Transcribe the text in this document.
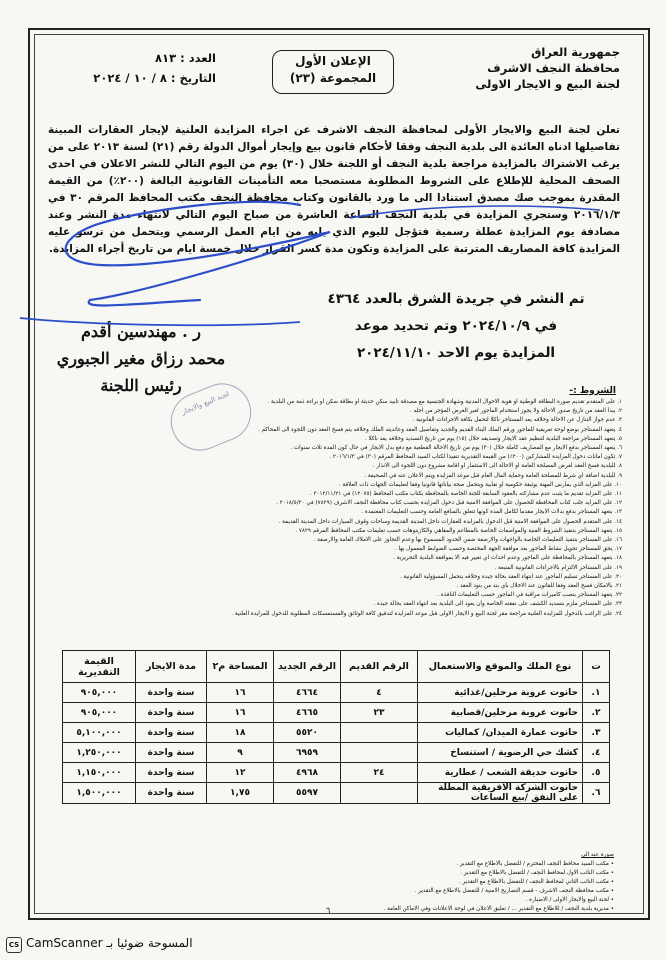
جمهورية العراق
محافظة النجف الاشرف
لجنة البيع و الايجار الاولى
الإعلان الأول
المجموعة (٢٣)
العدد : ٨١٣
التاريخ : ٨ / ١٠ / ٢٠٢٤
تعلن لجنة البيع والايجار الأولى لمحافظة النجف الاشرف عن اجراء المزايدة العلنية لإيجار العقارات المبينة تفاصيلها ادناه العائدة الى بلدية النجف وفقا لأحكام قانون بيع وإيجار أموال الدولة رقم (٢١) لسنة ٢٠١٣ على من يرغب الاشتراك بالمزايدة مراجعة بلدية النجف أو اللجنة خلال (٣٠) يوم من اليوم التالي للنشر الاعلان في احدى الصحف المحلية للإطلاع على الشروط المطلوبة مستصحبا معه التأمينات القانونية البالغة (٢٠٠٪) من القيمة المقدرة بموجب صك مصدق استنادا الى ما ورد بالقانون وكتاب محافظة النجف مكتب المحافظ المرقم ٣٠ في ٢٠١٦/١/٣ وستجري المزايدة في بلدية النجف الساعة العاشرة من صباح اليوم التالي لانتهاء مدة النشر وعند مصادفة يوم المزايدة عطلة رسمية فتؤجل لليوم الذي يليه من ايام العمل الرسمي ويتحمل من ترسو عليه المزايدة كافة المصاريف المترتبة على المزايدة وتكون مدة كسر القرار خلال خمسة ايام من تاريخ أجراء المزايدة.
تم النشر في جريدة الشرق بالعدد ٤٣٦٤
في ٢٠٢٤/١٠/٩ وتم تحديد موعد
المزايدة يوم الاحد ٢٠٢٤/١١/١٠
ر . مهندسين أقدم
محمد رزاق مغير الجبوري
رئيس اللجنة	الشروط :-
١. على المتقدم تقديم صورة البطاقة الوطنية او هوية الاحوال المدنية وشهادة الجنسية مع مصدقة تأييد سكن حديثة او بطاقة سكن او براءة ذمة من البلدية .
٢. يبدأ العقد من تاريخ صدور الاحالة ولا يجوز استخدام المأجور لغير الغرض المؤجر من اجله .
٣. عدم جواز التنازل عن الاحالة وخلافه يعد المستأجر ناكلا لتحمل بكافة الاجراءات القانونية .
٤. يتعهد المستأجر بوضع لوحة تعريفية للمأجور ورقم الملك البناء القديم والجديد وتفاصيل العقد وعائديته الملك وخلافه يتم فسخ العقد دون اللجوء الى المحاكم .
٥. يتعهد المستأجر مراجعة البلدية لتنظيم عقد الايجار وتصديقه خلال (١٥) يوم من تاريخ التسديد وخلافه يعد ناكلا .
٦. يتعهد المستأجر بدفع الايجار مع المصاريف كاملة خلال (٣٠) يوم من تاريخ الاحالة القطعية مع دفع بدل الايجار في حال كون المدة ثلاث سنوات .
٧. تكون امانات دخول المزايدة للمشاركين (٢٠٠٪) من القيمة التقديرية تنفيذا لكتاب السيد المحافظ المرقم (٣٠) في ٢٠١٦/١/٣ .
٨. للبلدية فسخ العقد لغرض المصلحة العامة او الاحالة الى الاستثمار او اقامة مشروع دون اللجوء الى الانذار .
٩. للبلدية اضافة اي شرط للمصلحة العامة وحماية المال العام قبل موعد المزايدة ويتم الاعلان عنه في الصحيفة .
١٠. على المزايد الذي يمارس المهنة بوثيقة حكومية او نقابية ويتحمل صحة بياناتها قانونيا وفقا لتعليمات الجهات ذات العلاقة .
١١. على المزايد تقديم ما يثبت عدم مشاركته بالعقود السابقة للجنة الخاصة بالمحافظة بكتاب مكتب المحافظ (١٢٠٧٥) في ٢٠١٢/١١/٢١ .
١٢. على المزايد جلب كتاب المحافظة للحصول على الموافقة الامنية قبل دخول المزايدة بحسب كتاب محافظة النجف الاشرف (٧٨٢٩) في ٢٠١٨/٥/٢٠ .
١٣. يتعهد المستأجر بدفع بدلات الايجار مقدما لكامل المدة كونها تتعلق بالمنافع العامة وحسب التعليمات المعتمدة .
١٤. على المتقدم الحصول على الموافقة الامنية قبل الدخول بالمزايدة للعقارات داخل المدينة القديمة وساحات وقوف السيارات داخل المدينة القديمة .
١٥. يتعهد المستأجر بتنفيذ الشروط الفنية والمواصفات الخاصة بالمطاعم والمقاهي والكازينوهات حسب تعليمات مكتب المحافظ المرقم ٧٨٢٩ .
١٦. على المستأجر بتنفيذ التعليمات الخاصة بالواجهات والارصفة ضمن الحدود المسموح بها وعدم التجاوز على الاملاك العامة والارصفة .
١٧. يحق للمستأجر تحويل نشاط المأجور بعد موافقة الجهة المختصة وحسب الضوابط المعمول بها .
١٨. يتعهد المستأجر بالمحافظة على المأجور وعدم احداث اي تغيير فيه الا بموافقة البلدية التحريرية .
١٩. على المستأجر الالتزام بالاجراءات القانونية المتبعة .
٢٠. على المستأجر تسليم المأجور عند انتهاء العقد بحالة جيدة وخلافه يتحمل المسؤولية القانونية .
٢١. بالامكان فسخ العقد وفقا للقانون عند الاخلال بأي بند من بنود العقد .
٢٢. يتعهد المستأجر بنصب كاميرات مراقبة في المأجور حسب التعليمات النافذة .
٢٣. على المستأجر ملزم بتسديد الكشف على نفقته الخاصة وأن يعود الى البلدية بعد انتهاء العقد بحالة جيدة .
٢٤. على الراغب بالدخول للمزايدة العلنية مراجعة مقر لجنة البيع و الايجار الاولى قبل موعد المزايدة لتدقيق كافة الوثائق والمستمسكات المطلوبة للدخول للمزايدة العلنية .
لجنة البيع والايجار
ت	نوع الملك والموقع والاستعمال	الرقم القديم	الرقم الجديد	المساحة م٢	مدة الايجار	القيمة التقديرية
١.	حانوت عروبة مرحلين/غذائية	٤	٤٦٦٤	١٦	سنة واحدة	٩٠٥,٠٠٠
٢.	حانوت عروبة مرحلين/قصابية	٢٣	٤٦٦٥	١٦	سنة واحدة	٩٠٥,٠٠٠
٣.	حانوت عمارة الميدان/ كماليات		٥٥٢٠	١٨	سنة واحدة	٥,١٠٠,٠٠٠
٤.	كشك حي الرضوية / استنساخ		٦٩٥٩	٩	سنة واحدة	١,٢٥٠,٠٠٠
٥.	حانوت حديقة الشعب / عطارية	٢٤	٤٩٦٨	١٢	سنة واحدة	١,١٥٠,٠٠٠
٦.	حانوت الشركة الافريقية المطلة على النفق /بيع الساعات		٥٥٩٧	١,٧٥	سنة واحدة	١,٥٠٠,٠٠٠
صورة عنه الى
• مكتب السيد محافظ النجف المحترم / للتفضل بالاطلاع مع التقدير .
• مكتب النائب الاول لمحافظ النجف / للتفضل بالاطلاع مع التقدير .
• مكتب النائب الثاني لمحافظ النجف / للتفضل بالاطلاع مع التقدير .
• مكتب محافظة النجف الاشرف - قسم التصاريح الامنية / للتفضل بالاطلاع مع التقدير .
• لجنة البيع والايجار الاولى / الاضبارة .
• مديرية بلدية النجف / للاطلاع مع التقدير ... / تعليق الاعلان في لوحة الاعلانات وفي الاماكن العامة .
٦
CS CamScanner المسوحة ضوئيا بـ
